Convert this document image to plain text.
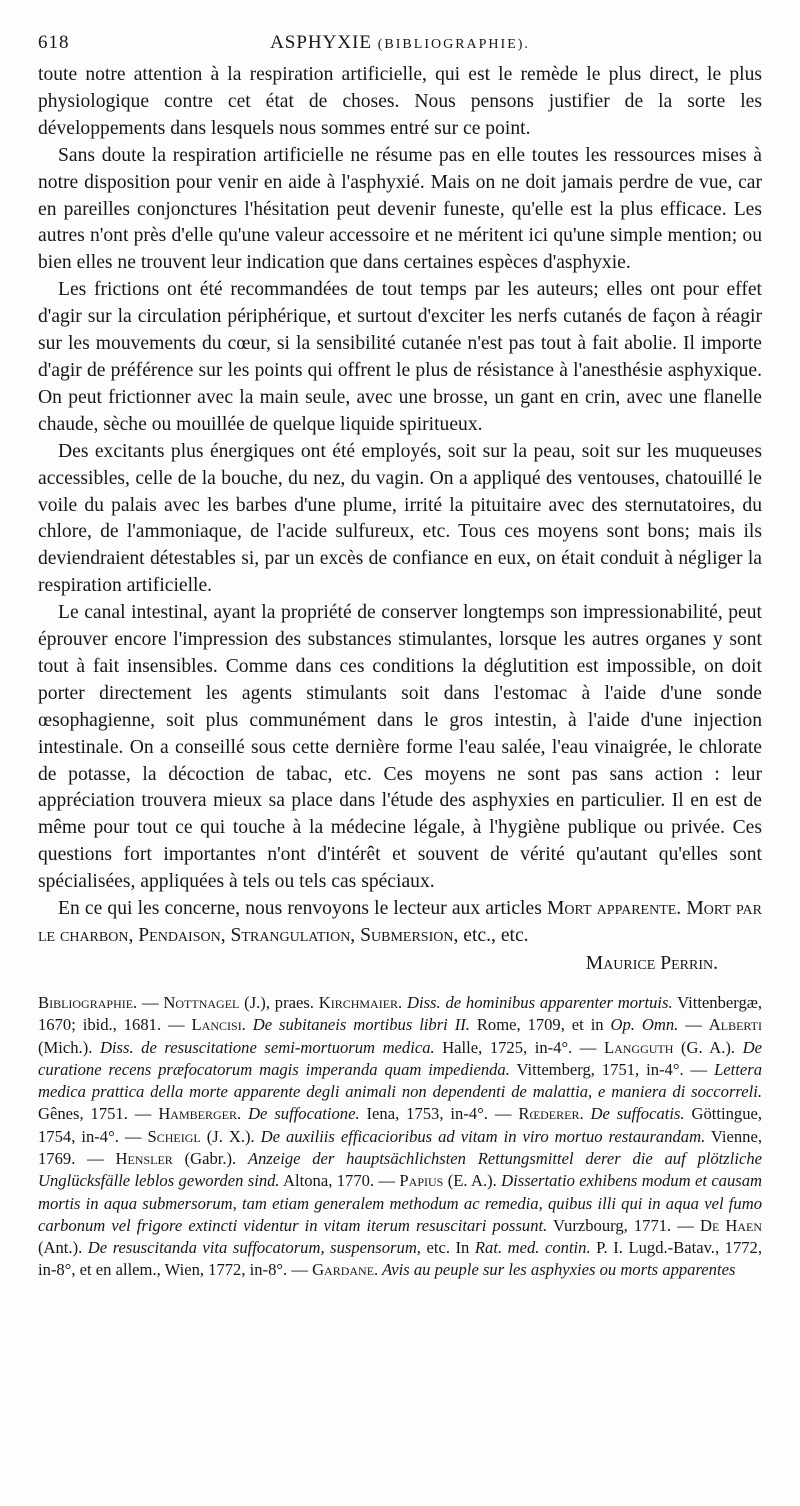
618	ASPHYXIE (BIBLIOGRAPHIE).

toute notre attention à la respiration artificielle, qui est le remède le plus direct, le plus physiologique contre cet état de choses. Nous pensons justifier de la sorte les développements dans lesquels nous sommes entré sur ce point.

Sans doute la respiration artificielle ne résume pas en elle toutes les ressources mises à notre disposition pour venir en aide à l'asphyxié. Mais on ne doit jamais perdre de vue, car en pareilles conjonctures l'hésitation peut devenir funeste, qu'elle est la plus efficace. Les autres n'ont près d'elle qu'une valeur accessoire et ne méritent ici qu'une simple mention; ou bien elles ne trouvent leur indication que dans certaines espèces d'asphyxie.

Les frictions ont été recommandées de tout temps par les auteurs; elles ont pour effet d'agir sur la circulation périphérique, et surtout d'exciter les nerfs cutanés de façon à réagir sur les mouvements du cœur, si la sensibilité cutanée n'est pas tout à fait abolie. Il importe d'agir de préférence sur les points qui offrent le plus de résistance à l'anesthésie asphyxique. On peut frictionner avec la main seule, avec une brosse, un gant en crin, avec une flanelle chaude, sèche ou mouillée de quelque liquide spiritueux.

Des excitants plus énergiques ont été employés, soit sur la peau, soit sur les muqueuses accessibles, celle de la bouche, du nez, du vagin. On a appliqué des ventouses, chatouillé le voile du palais avec les barbes d'une plume, irrité la pituitaire avec des sternutatoires, du chlore, de l'ammoniaque, de l'acide sulfureux, etc. Tous ces moyens sont bons; mais ils deviendraient détestables si, par un excès de confiance en eux, on était conduit à négliger la respiration artificielle.

Le canal intestinal, ayant la propriété de conserver longtemps son impressionabilité, peut éprouver encore l'impression des substances stimulantes, lorsque les autres organes y sont tout à fait insensibles. Comme dans ces conditions la déglutition est impossible, on doit porter directement les agents stimulants soit dans l'estomac à l'aide d'une sonde œsophagienne, soit plus communément dans le gros intestin, à l'aide d'une injection intestinale. On a conseillé sous cette dernière forme l'eau salée, l'eau vinaigrée, le chlorate de potasse, la décoction de tabac, etc. Ces moyens ne sont pas sans action : leur appréciation trouvera mieux sa place dans l'étude des asphyxies en particulier. Il en est de même pour tout ce qui touche à la médecine légale, à l'hygiène publique ou privée. Ces questions fort importantes n'ont d'intérêt et souvent de vérité qu'autant qu'elles sont spécialisées, appliquées à tels ou tels cas spéciaux.

En ce qui les concerne, nous renvoyons le lecteur aux articles Mort apparente. Mort par le charbon, Pendaison, Strangulation, Submersion, etc., etc.

Maurice Perrin.
Bibliographie. — Nottnagel (J.), praes. Kirchmaier. Diss. de hominibus apparenter mortuis. Vittenbergæ, 1670; ibid., 1681. — Lancisi. De subitaneis mortibus libri II. Rome, 1709, et in Op. Omn. — Alberti (Mich.). Diss. de resuscitatione semi-mortuorum medica. Halle, 1725, in-4°. — Langguth (G. A.). De curatione recens præfocatorum magis imperanda quam impedienda. Vittemberg, 1751, in-4°. — Lettera medica prattica della morte apparente degli animali non dependenti de malattia, e maniera di soccorreli. Gênes, 1751. — Hamberger. De suffocatione. Iena, 1753, in-4°. — Rœderer. De suffocatis. Göttingue, 1754, in-4°. — Scheigl (J. X.). De auxiliis efficacioribus ad vitam in viro mortuo restaurandam. Vienne, 1769. — Hensler (Gabr.). Anzeige der hauptsächlichsten Rettungsmittel derer die auf plötzliche Unglücksfälle leblos geworden sind. Altona, 1770. — Papius (E. A.). Dissertatio exhibens modum et causam mortis in aqua submersorum, tam etiam generalem methodum ac remedia, quibus illi qui in aqua vel fumo carbonum vel frigore extincti videntur in vitam iterum resuscitari possunt. Vurzbourg, 1771. — De Haen (Ant.). De resuscitanda vita suffocatorum, suspensorum, etc. In Rat. med. contin. P. I. Lugd.-Batav., 1772, in-8°, et en allem., Wien, 1772, in-8°. — Gardane. Avis au peuple sur les asphyxies ou morts apparentes
